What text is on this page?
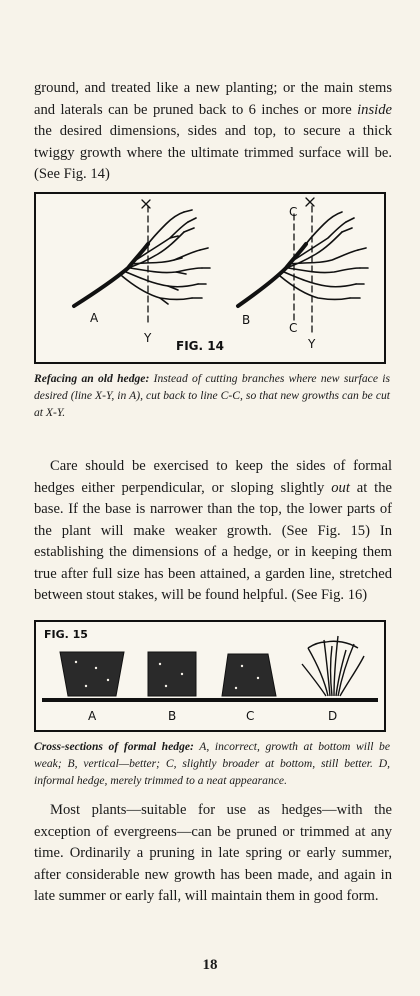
ground, and treated like a new planting; or the main stems and laterals can be pruned back to 6 inches or more inside the desired dimensions, sides and top, to secure a thick twiggy growth where the ultimate trimmed surface will be. (See Fig. 14)

A
Y
B
C
C
Y
FIG. 14

Refacing an old hedge: Instead of cutting branches where new surface is desired (line X-Y, in A), cut back to line C-C, so that new growths can be cut at X-Y.

Care should be exercised to keep the sides of formal hedges either perpendicular, or sloping slightly out at the base. If the base is narrower than the top, the lower parts of the plant will make weaker growth. (See Fig. 15) In establishing the dimensions of a hedge, or in keeping them true after full size has been attained, a garden line, stretched between stout stakes, will be found helpful. (See Fig. 16)

FIG. 15
A	B	C	D

Cross-sections of formal hedge: A, incorrect, growth at bottom will be weak; B, vertical—better; C, slightly broader at bottom, still better. D, informal hedge, merely trimmed to a neat appearance.

Most plants—suitable for use as hedges—with the exception of evergreens—can be pruned or trimmed at any time. Ordinarily a pruning in late spring or early summer, after considerable new growth has been made, and again in late summer or early fall, will maintain them in good form.

18
